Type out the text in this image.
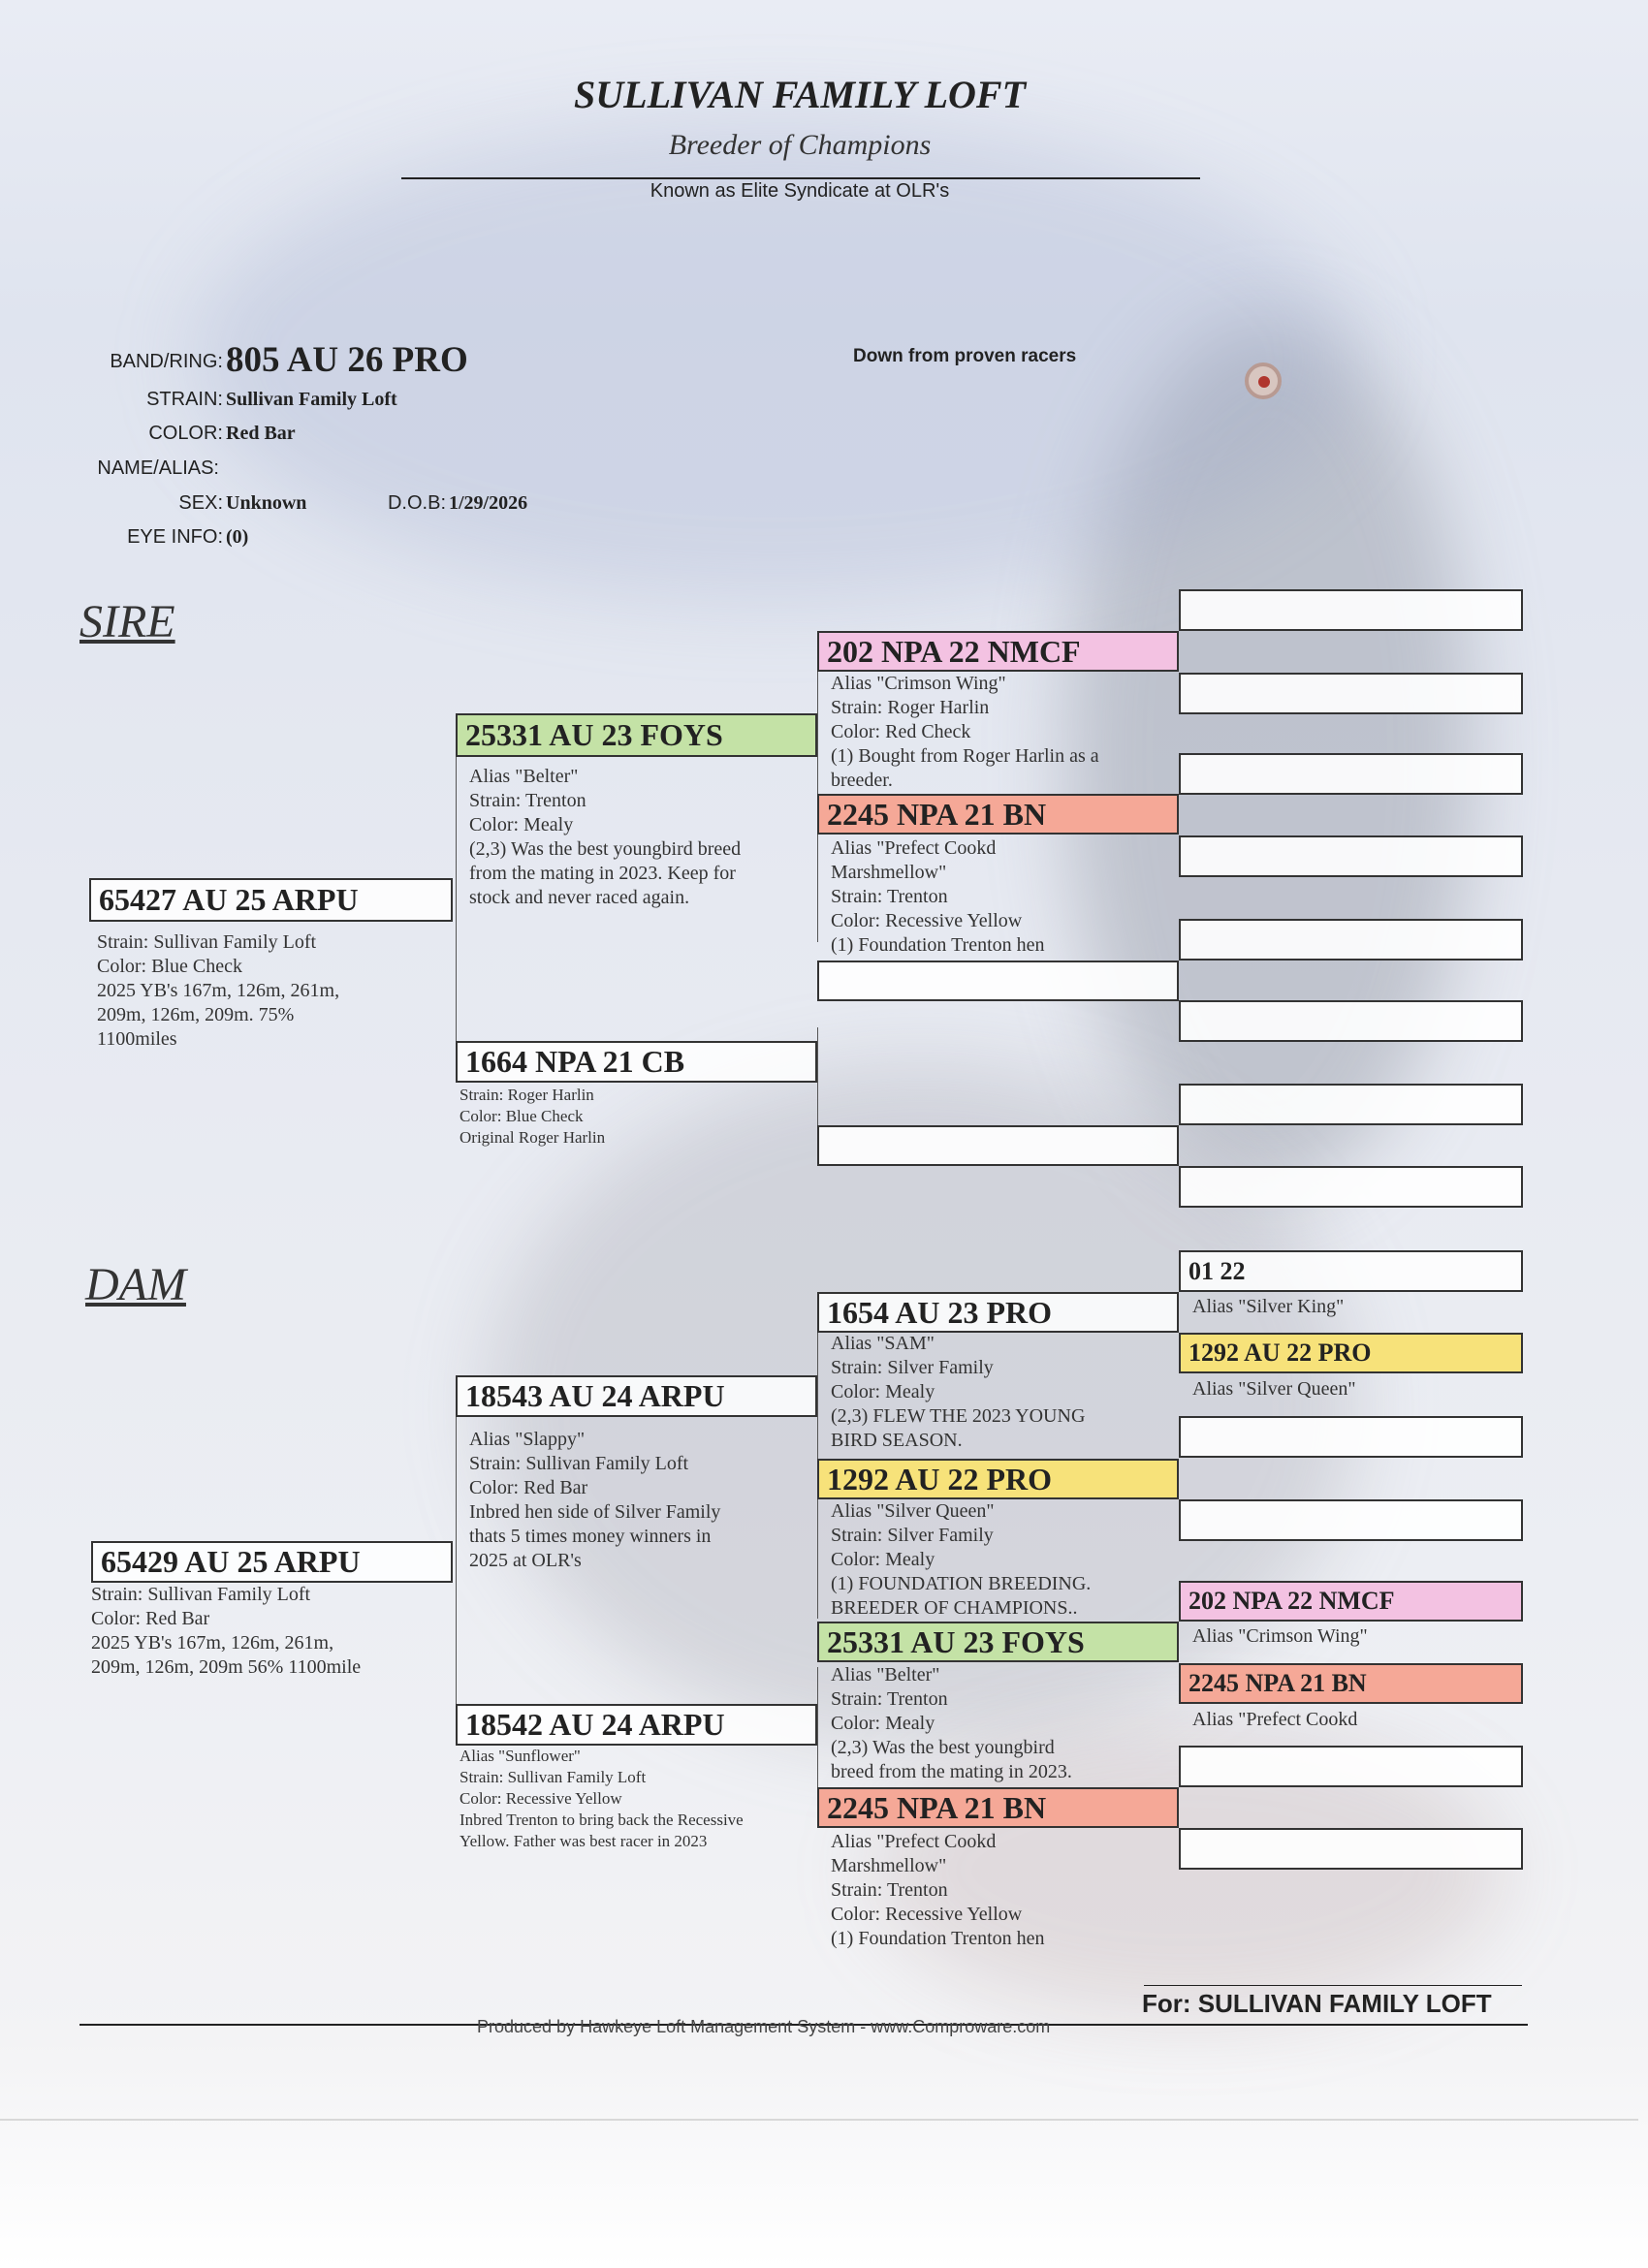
SULLIVAN FAMILY LOFT
Breeder of Champions
Known as Elite Syndicate at OLR's
Down from proven racers
BAND/RING: 805 AU 26 PRO
STRAIN: Sullivan Family Loft
COLOR: Red Bar
NAME/ALIAS:
SEX: Unknown	D.O.B: 1/29/2026
EYE INFO: (0)
SIRE
DAM
65427 AU 25 ARPU
Strain: Sullivan Family Loft
Color: Blue Check
2025 YB's 167m, 126m, 261m,
209m, 126m, 209m. 75%
1100miles
25331 AU 23 FOYS
Alias "Belter"
Strain: Trenton
Color: Mealy
(2,3) Was the best youngbird breed
from the mating in 2023. Keep for
stock and never raced again.
1664 NPA 21 CB
Strain: Roger Harlin
Color: Blue Check
Original Roger Harlin
202 NPA 22 NMCF
Alias "Crimson Wing"
Strain: Roger Harlin
Color: Red Check
(1) Bought from Roger Harlin as a
breeder.
2245 NPA 21 BN
Alias "Prefect Cookd
Marshmellow"
Strain: Trenton
Color: Recessive Yellow
(1) Foundation Trenton hen
65429 AU 25 ARPU
Strain: Sullivan Family Loft
Color: Red Bar
2025 YB's 167m, 126m, 261m,
209m, 126m, 209m 56% 1100mile
18543 AU 24 ARPU
Alias "Slappy"
Strain: Sullivan Family Loft
Color: Red Bar
Inbred hen side of Silver Family
thats 5 times money winners in
2025 at OLR's
18542 AU 24 ARPU
Alias "Sunflower"
Strain: Sullivan Family Loft
Color: Recessive Yellow
Inbred Trenton to bring back the Recessive
Yellow. Father was best racer in 2023
1654 AU 23 PRO
Alias "SAM"
Strain: Silver Family
Color: Mealy
(2,3) FLEW THE 2023 YOUNG
BIRD SEASON.
1292 AU 22 PRO
Alias "Silver Queen"
Strain: Silver Family
Color: Mealy
(1) FOUNDATION BREEDING.
BREEDER OF CHAMPIONS..
25331 AU 23 FOYS
Alias "Belter"
Strain: Trenton
Color: Mealy
(2,3) Was the best youngbird
breed from the mating in 2023.
2245 NPA 21 BN
Alias "Prefect Cookd
Marshmellow"
Strain: Trenton
Color: Recessive Yellow
(1) Foundation Trenton hen
01 22
Alias "Silver King"
1292 AU 22 PRO
Alias "Silver Queen"
202 NPA 22 NMCF
Alias "Crimson Wing"
2245 NPA 21 BN
Alias "Prefect Cookd
For: SULLIVAN FAMILY LOFT
Produced by Hawkeye Loft Management System - www.Comproware.com
